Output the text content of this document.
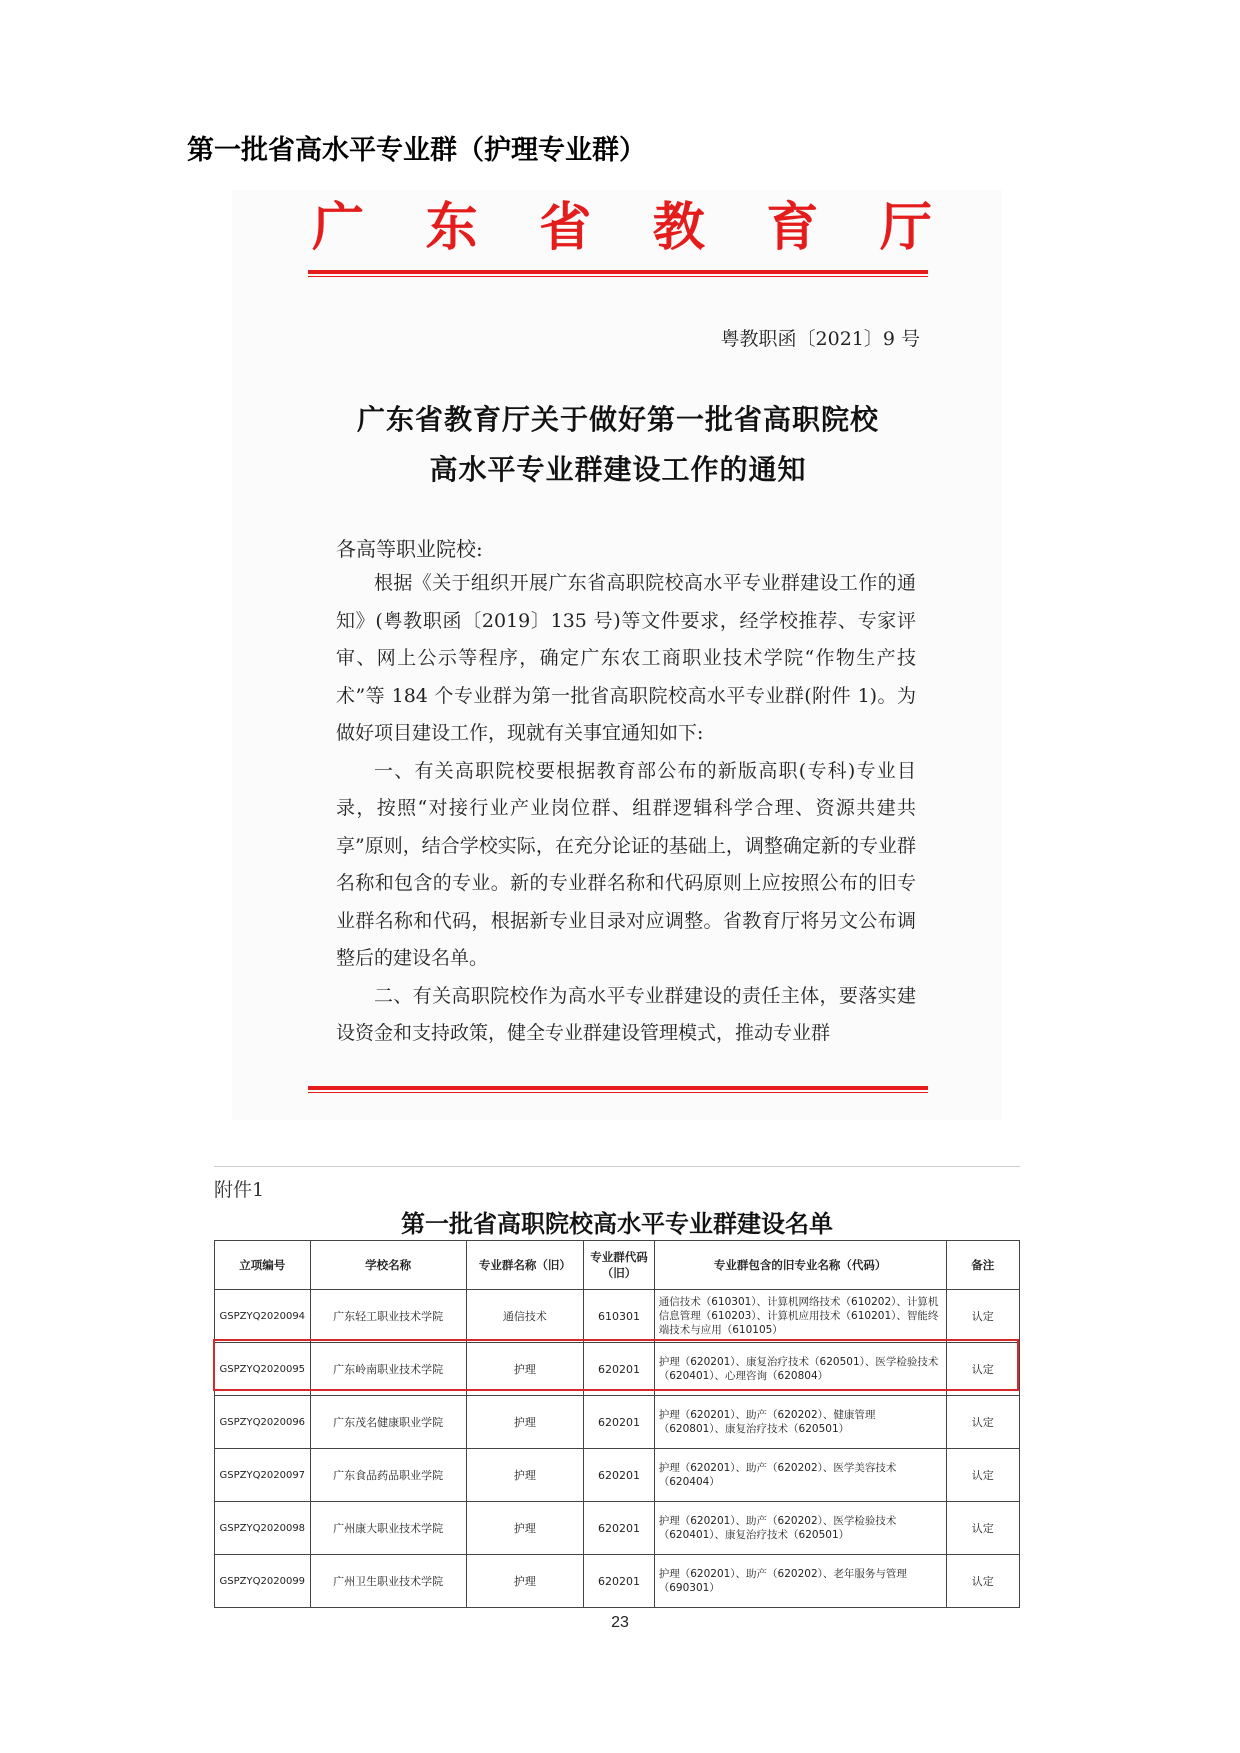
第一批省高水平专业群（护理专业群）
广 东 省 教 育 厅
粤教职函〔2021〕9 号
广东省教育厅关于做好第一批省高职院校
高水平专业群建设工作的通知
各高等职业院校:

根据《关于组织开展广东省高职院校高水平专业群建设工作的通知》(粤教职函〔2019〕135 号)等文件要求，经学校推荐、专家评审、网上公示等程序，确定广东农工商职业技术学院“作物生产技术”等 184 个专业群为第一批省高职院校高水平专业群(附件 1)。为做好项目建设工作，现就有关事宜通知如下:

一、有关高职院校要根据教育部公布的新版高职(专科)专业目录，按照“对接行业产业岗位群、组群逻辑科学合理、资源共建共享”原则，结合学校实际，在充分论证的基础上，调整确定新的专业群名称和包含的专业。新的专业群名称和代码原则上应按照公布的旧专业群名称和代码，根据新专业目录对应调整。省教育厅将另文公布调整后的建设名单。

二、有关高职院校作为高水平专业群建设的责任主体，要落实建设资金和支持政策，健全专业群建设管理模式，推动专业群

附件1
第一批省高职院校高水平专业群建设名单
立项编号	学校名称	专业群名称（旧）	专业群代码（旧）	专业群包含的旧专业名称（代码）	备注
GSPZYQ2020094	广东轻工职业技术学院	通信技术	610301	通信技术（610301）、计算机网络技术（610202）、计算机信息管理（610203）、计算机应用技术（610201）、智能终端技术与应用（610105）	认定
GSPZYQ2020095	广东岭南职业技术学院	护理	620201	护理（620201）、康复治疗技术（620501）、医学检验技术（620401）、心理咨询（620804）	认定
GSPZYQ2020096	广东茂名健康职业学院	护理	620201	护理（620201）、助产（620202）、健康管理（620801）、康复治疗技术（620501）	认定
GSPZYQ2020097	广东食品药品职业学院	护理	620201	护理（620201）、助产（620202）、医学美容技术（620404）	认定
GSPZYQ2020098	广州康大职业技术学院	护理	620201	护理（620201）、助产（620202）、医学检验技术（620401）、康复治疗技术（620501）	认定
GSPZYQ2020099	广州卫生职业技术学院	护理	620201	护理（620201）、助产（620202）、老年服务与管理（690301）	认定
23
